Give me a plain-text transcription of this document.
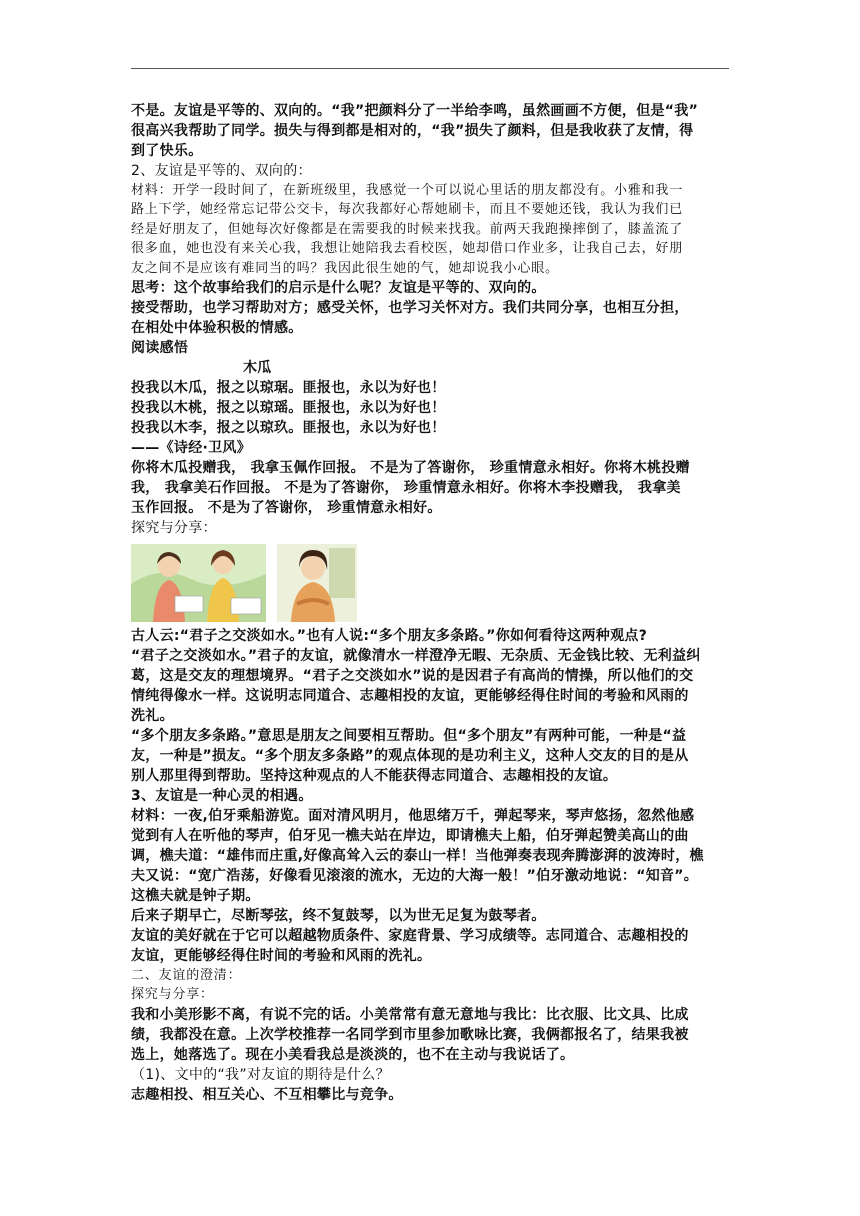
不是。友谊是平等的、双向的。“我”把颜料分了一半给李鸣，虽然画画不方便，但是“我”

很高兴我帮助了同学。损失与得到都是相对的，“我”损失了颜料，但是我收获了友情，得

到了快乐。

2、友谊是平等的、双向的：

材料：开学一段时间了，在新班级里，我感觉一个可以说心里话的朋友都没有。小雅和我一

路上下学，她经常忘记带公交卡，每次我都好心帮她刷卡，而且不要她还钱，我认为我们已

经是好朋友了，但她每次好像都是在需要我的时候来找我。前两天我跑操摔倒了，膝盖流了

很多血，她也没有来关心我，我想让她陪我去看校医，她却借口作业多，让我自己去，好朋

友之间不是应该有难同当的吗？我因此很生她的气，她却说我小心眼。

思考：这个故事给我们的启示是什么呢？友谊是平等的、双向的。

接受帮助，也学习帮助对方；感受关怀，也学习关怀对方。我们共同分享，也相互分担，

在相处中体验积极的情感。

阅读感悟

木瓜

投我以木瓜，报之以琼琚。匪报也，永以为好也！

投我以木桃，报之以琼瑶。匪报也，永以为好也！

投我以木李，报之以琼玖。匪报也，永以为好也！

——《诗经·卫风》

你将木瓜投赠我， 我拿玉佩作回报。 不是为了答谢你， 珍重情意永相好。你将木桃投赠

我， 我拿美石作回报。 不是为了答谢你， 珍重情意永相好。你将木李投赠我， 我拿美

玉作回报。 不是为了答谢你， 珍重情意永相好。

探究与分享：

古人云:“君子之交淡如水。”也有人说:“多个朋友多条路。”你如何看待这两种观点?

“君子之交淡如水。”君子的友谊，就像清水一样澄净无暇、无杂质、无金钱比较、无利益纠

葛，这是交友的理想境界。“君子之交淡如水”说的是因君子有高尚的情操，所以他们的交

情纯得像水一样。这说明志同道合、志趣相投的友谊，更能够经得住时间的考验和风雨的

洗礼。

“多个朋友多条路。”意思是朋友之间要相互帮助。但“多个朋友”有两种可能，一种是“益

友，一种是”损友。“多个朋友多条路”的观点体现的是功利主义，这种人交友的目的是从

别人那里得到帮助。坚持这种观点的人不能获得志同道合、志趣相投的友谊。

3、友谊是一种心灵的相遇。

材料：一夜,伯牙乘船游览。面对清风明月，他思绪万千，弹起琴来，琴声悠扬，忽然他感

觉到有人在听他的琴声，伯牙见一樵夫站在岸边，即请樵夫上船，伯牙弹起赞美高山的曲

调，樵夫道：“雄伟而庄重,好像高耸入云的泰山一样！当他弹奏表现奔腾澎湃的波涛时，樵

夫又说：“宽广浩荡，好像看见滚滚的流水，无边的大海一般！”伯牙激动地说：“知音”。

这樵夫就是钟子期。

后来子期早亡，尽断琴弦，终不复鼓琴，以为世无足复为鼓琴者。

友谊的美好就在于它可以超越物质条件、家庭背景、学习成绩等。志同道合、志趣相投的

友谊，更能够经得住时间的考验和风雨的洗礼。

二、友谊的澄清：

探究与分享：

我和小美形影不离，有说不完的话。小美常常有意无意地与我比：比衣服、比文具、比成

绩，我都没在意。上次学校推荐一名同学到市里参加歌咏比赛，我俩都报名了，结果我被

选上，她落选了。现在小美看我总是淡淡的，也不在主动与我说话了。

（1)、文中的“我”对友谊的期待是什么？

志趣相投、相互关心、不互相攀比与竞争。
